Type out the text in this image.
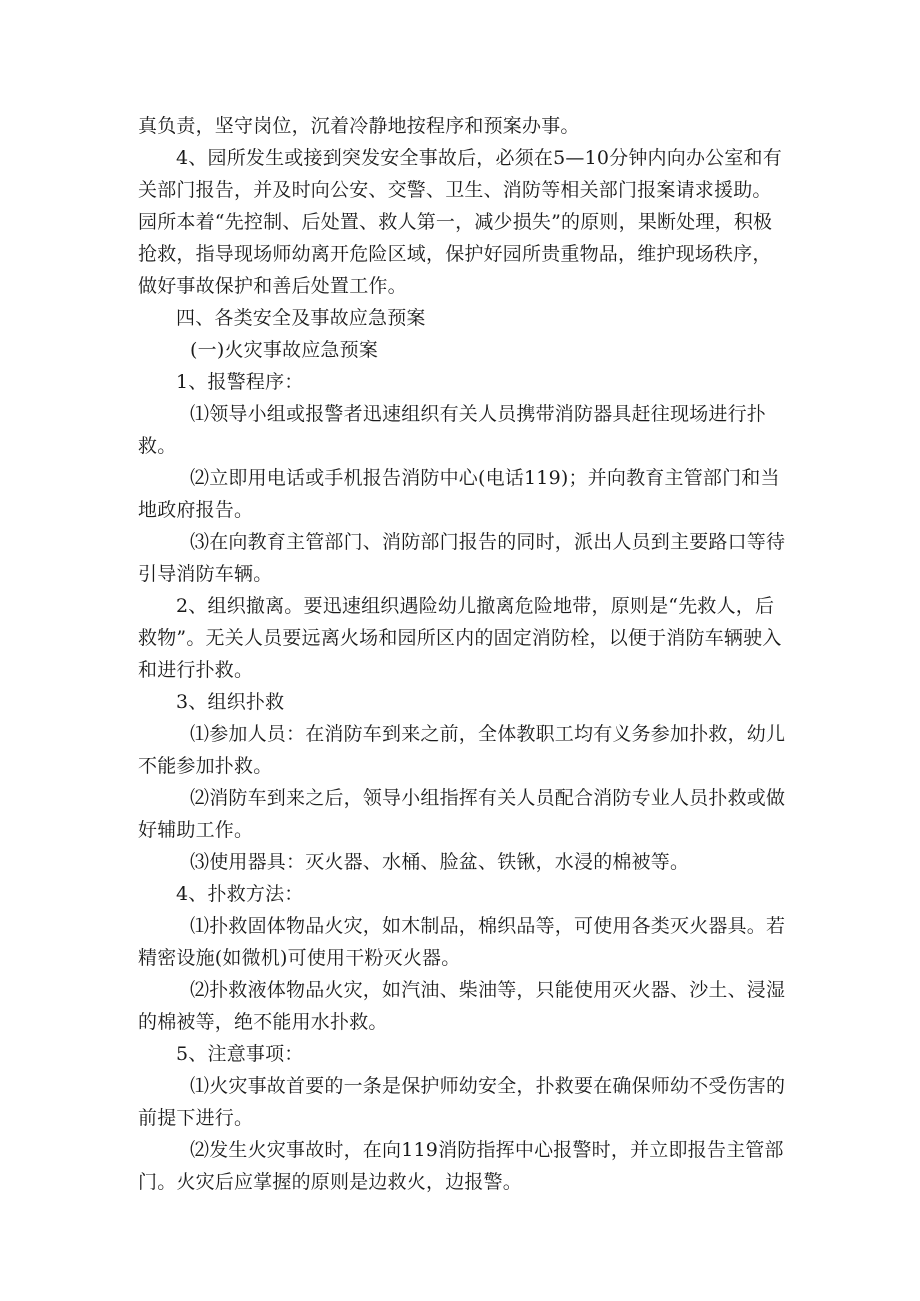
真负责，坚守岗位，沉着冷静地按程序和预案办事。

4、园所发生或接到突发安全事故后，必须在5—10分钟内向办公室和有关部门报告，并及时向公安、交警、卫生、消防等相关部门报案请求援助。园所本着“先控制、后处置、救人第一，减少损失”的原则，果断处理，积极抢救，指导现场师幼离开危险区域，保护好园所贵重物品，维护现场秩序，做好事故保护和善后处置工作。

四、各类安全及事故应急预案

(一)火灾事故应急预案

1、报警程序：

⑴领导小组或报警者迅速组织有关人员携带消防器具赶往现场进行扑救。

⑵立即用电话或手机报告消防中心(电话119)；并向教育主管部门和当地政府报告。

⑶在向教育主管部门、消防部门报告的同时，派出人员到主要路口等待引导消防车辆。

2、组织撤离。要迅速组织遇险幼儿撤离危险地带，原则是“先救人，后救物”。无关人员要远离火场和园所区内的固定消防栓，以便于消防车辆驶入和进行扑救。

3、组织扑救

⑴参加人员：在消防车到来之前，全体教职工均有义务参加扑救，幼儿不能参加扑救。

⑵消防车到来之后，领导小组指挥有关人员配合消防专业人员扑救或做好辅助工作。

⑶使用器具：灭火器、水桶、脸盆、铁锹，水浸的棉被等。

4、扑救方法：

⑴扑救固体物品火灾，如木制品，棉织品等，可使用各类灭火器具。若精密设施(如微机)可使用干粉灭火器。

⑵扑救液体物品火灾，如汽油、柴油等，只能使用灭火器、沙土、浸湿的棉被等，绝不能用水扑救。

5、注意事项：

⑴火灾事故首要的一条是保护师幼安全，扑救要在确保师幼不受伤害的前提下进行。

⑵发生火灾事故时，在向119消防指挥中心报警时，并立即报告主管部门。火灾后应掌握的原则是边救火，边报警。
